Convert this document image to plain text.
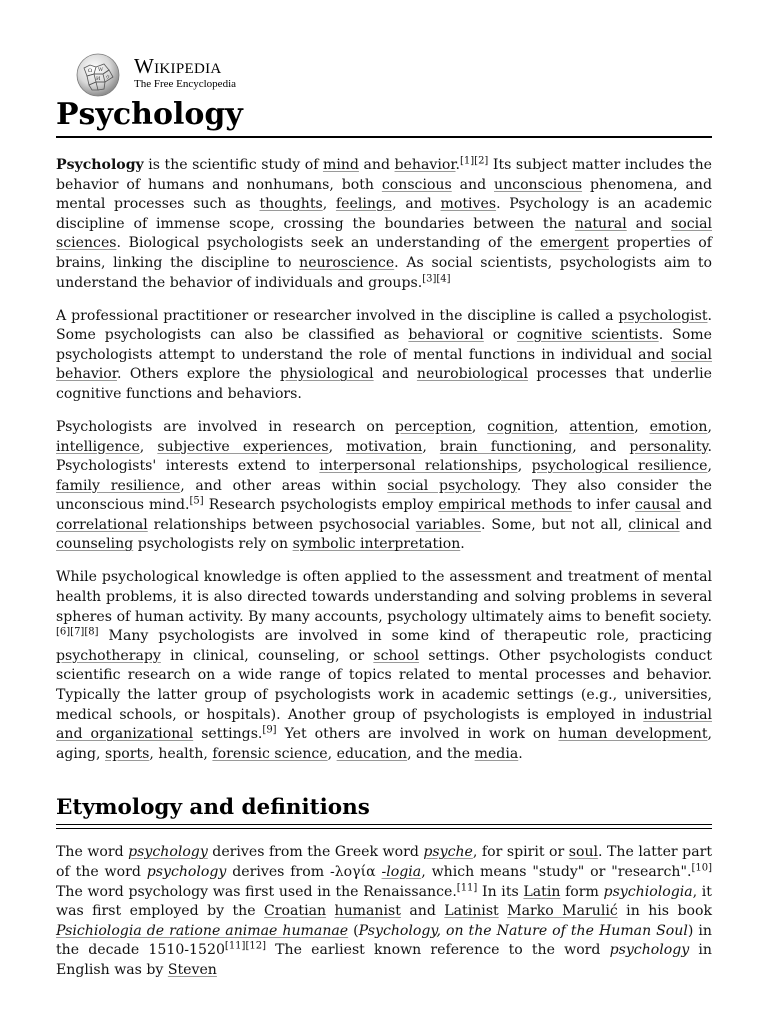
Ω W
И ウ Wikipedia
The Free Encyclopedia
Psychology

Psychology is the scientific study of mind and behavior.[1][2] Its subject matter includes the behavior of humans and nonhumans, both conscious and unconscious phenomena, and mental processes such as thoughts, feelings, and motives. Psychology is an academic discipline of immense scope, crossing the boundaries between the natural and social sciences. Biological psychologists seek an understanding of the emergent properties of brains, linking the discipline to neuroscience. As social scientists, psychologists aim to understand the behavior of individuals and groups.[3][4]

A professional practitioner or researcher involved in the discipline is called a psychologist. Some psychologists can also be classified as behavioral or cognitive scientists. Some psychologists attempt to understand the role of mental functions in individual and social behavior. Others explore the physiological and neurobiological processes that underlie cognitive functions and behaviors.

Psychologists are involved in research on perception, cognition, attention, emotion, intelligence, subjective experiences, motivation, brain functioning, and personality. Psychologists' interests extend to interpersonal relationships, psychological resilience, family resilience, and other areas within social psychology. They also consider the unconscious mind.[5] Research psychologists employ empirical methods to infer causal and correlational relationships between psychosocial variables. Some, but not all, clinical and counseling psychologists rely on symbolic interpretation.

While psychological knowledge is often applied to the assessment and treatment of mental health problems, it is also directed towards understanding and solving problems in several spheres of human activity. By many accounts, psychology ultimately aims to benefit society.[6][7][8] Many psychologists are involved in some kind of therapeutic role, practicing psychotherapy in clinical, counseling, or school settings. Other psychologists conduct scientific research on a wide range of topics related to mental processes and behavior. Typically the latter group of psychologists work in academic settings (e.g., universities, medical schools, or hospitals). Another group of psychologists is employed in industrial and organizational settings.[9] Yet others are involved in work on human development, aging, sports, health, forensic science, education, and the media.

Etymology and definitions

The word psychology derives from the Greek word psyche, for spirit or soul. The latter part of the word psychology derives from -λογία -logia, which means "study" or "research".[10] The word psychology was first used in the Renaissance.[11] In its Latin form psychiologia, it was first employed by the Croatian humanist and Latinist Marko Marulić in his book Psichiologia de ratione animae humanae (Psychology, on the Nature of the Human Soul) in the decade 1510-1520[11][12] The earliest known reference to the word psychology in English was by Steven
